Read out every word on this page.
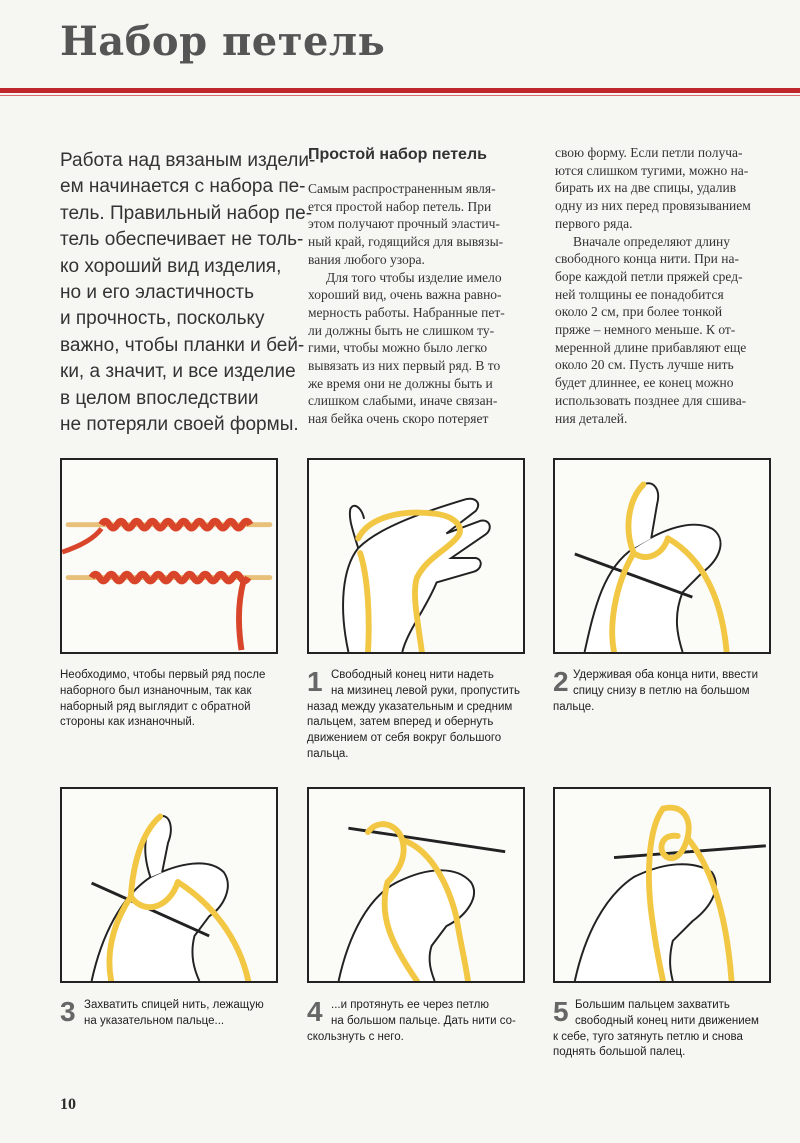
Набор петель
Работа над вязаным издели-
ем начинается с набора пе-
тель. Правильный набор пе-
тель обеспечивает не толь-
ко хороший вид изделия,
но и его эластичность
и прочность, поскольку
важно, чтобы планки и бей-
ки, а значит, и все изделие
в целом впоследствии
не потеряли своей формы.
Простой набор петель
Самым распространенным явля-
ется простой набор петель. При
этом получают прочный эластич-
ный край, годящийся для вывязы-
вания любого узора.
Для того чтобы изделие имело
хороший вид, очень важна равно-
мерность работы. Набранные пет-
ли должны быть не слишком ту-
гими, чтобы можно было легко
вывязать из них первый ряд. В то
же время они не должны быть и
слишком слабыми, иначе связан-
ная бейка очень скоро потеряет
свою форму. Если петли получа-
ются слишком тугими, можно на-
бирать их на две спицы, удалив
одну из них перед провязыванием
первого ряда.
Вначале определяют длину
свободного конца нити. При на-
боре каждой петли пряжей сред-
ней толщины ее понадобится
около 2 см, при более тонкой
пряже – немного меньше. К от-
меренной длине прибавляют еще
около 20 см. Пусть лучше нить
будет длиннее, ее конец можно
использовать позднее для сшива-
ния деталей.
Необходимо, чтобы первый ряд после
наборного был изнаночным, так как
наборный ряд выглядит с обратной
стороны как изнаночный.
1 Свободный конец нити надеть
на мизинец левой руки, пропустить
назад между указательным и средним
пальцем, затем вперед и обернуть
движением от себя вокруг большого
пальца.
2 Удерживая оба конца нити, ввести
спицу снизу в петлю на большом
пальце.
3 Захватить спицей нить, лежащую
на указательном пальце...	4 ...и протянуть ее через петлю
на большом пальце. Дать нити со-
скользнуть с него.
5 Большим пальцем захватить
свободный конец нити движением
к себе, туго затянуть петлю и снова
поднять большой палец.
10
